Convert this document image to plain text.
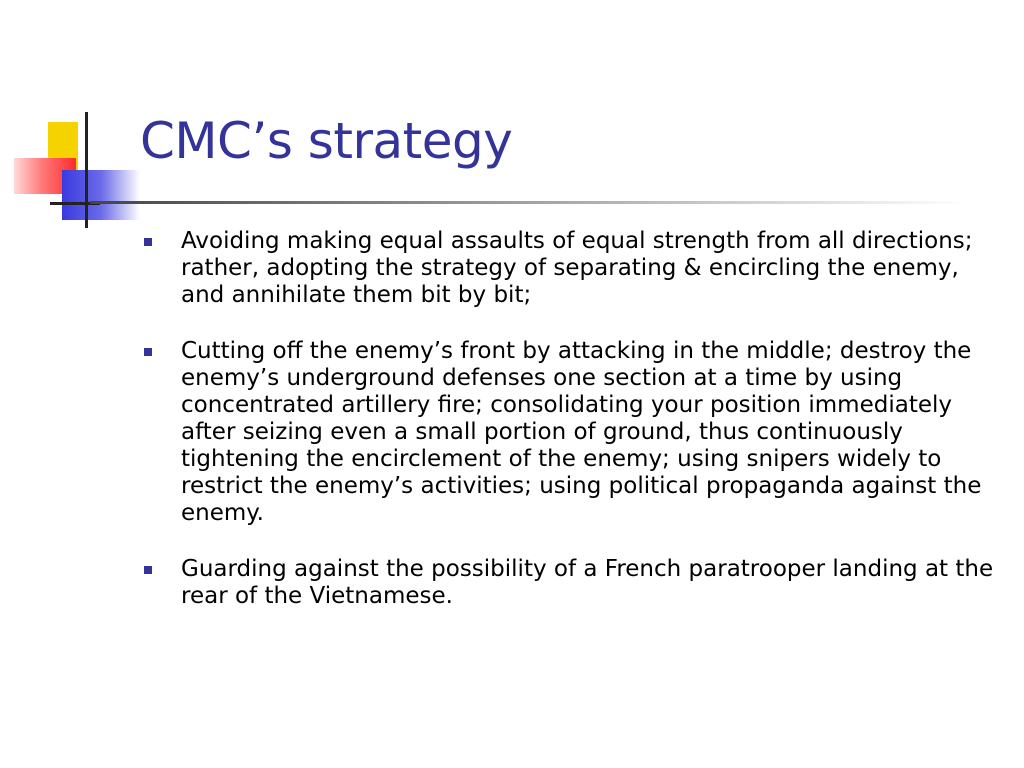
CMC’s strategy
Avoiding making equal assaults of equal strength from all directions; rather, adopting the strategy of separating & encircling the enemy, and annihilate them bit by bit;
Cutting off the enemy’s front by attacking in the middle; destroy the enemy’s underground defenses one section at a time by using concentrated artillery fire; consolidating your position immediately after seizing even a small portion of ground, thus continuously tightening the encirclement of the enemy; using snipers widely to restrict the enemy’s activities; using political propaganda against the enemy.
Guarding against the possibility of a French paratrooper landing at the rear of the Vietnamese.
